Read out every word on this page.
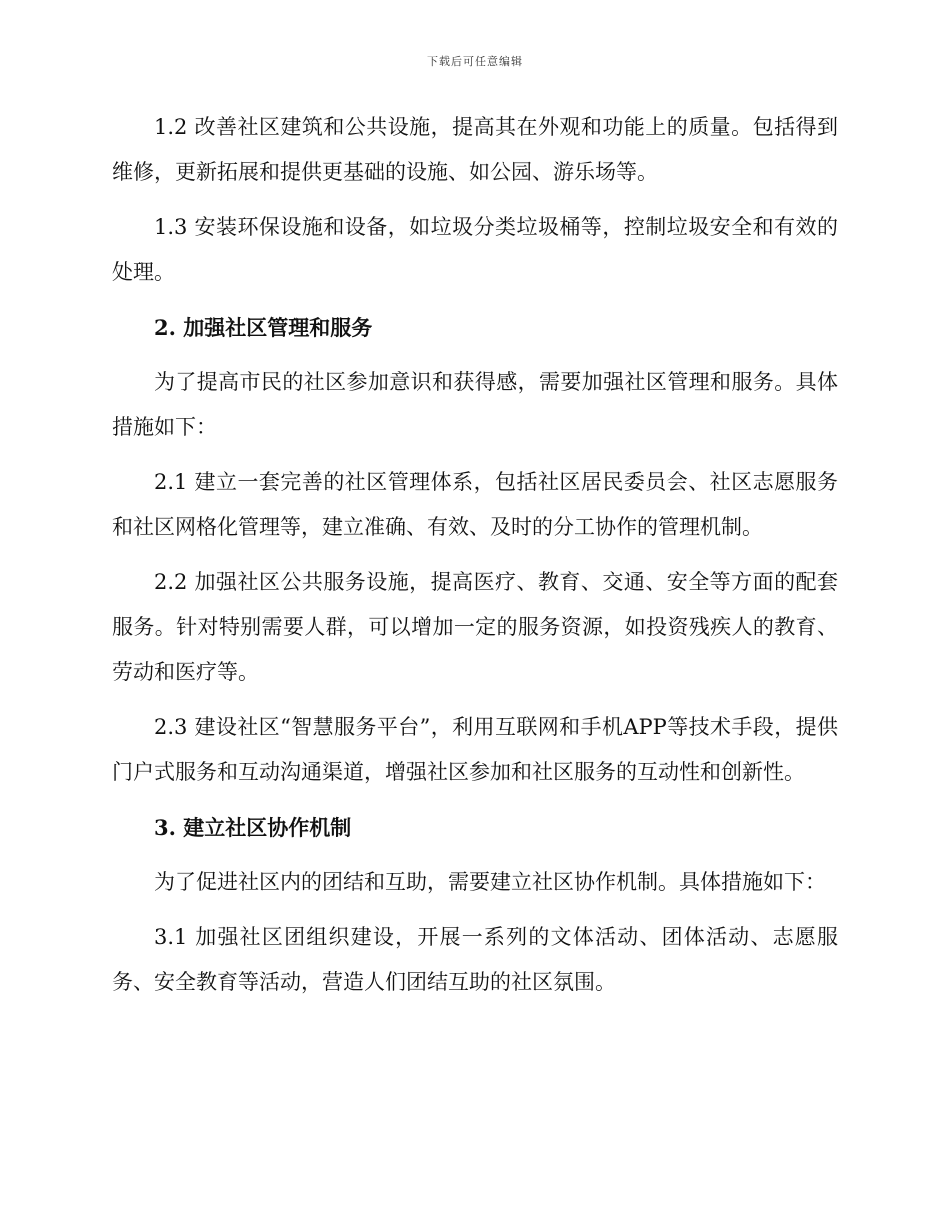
下载后可任意编辑

1.2 改善社区建筑和公共设施，提高其在外观和功能上的质量。包括得到维修，更新拓展和提供更基础的设施、如公园、游乐场等。

1.3 安装环保设施和设备，如垃圾分类垃圾桶等，控制垃圾安全和有效的处理。

2. 加强社区管理和服务

为了提高市民的社区参加意识和获得感，需要加强社区管理和服务。具体措施如下：

2.1 建立一套完善的社区管理体系，包括社区居民委员会、社区志愿服务和社区网格化管理等，建立准确、有效、及时的分工协作的管理机制。

2.2 加强社区公共服务设施，提高医疗、教育、交通、安全等方面的配套服务。针对特别需要人群，可以增加一定的服务资源，如投资残疾人的教育、劳动和医疗等。

2.3 建设社区“智慧服务平台”，利用互联网和手机APP等技术手段，提供门户式服务和互动沟通渠道，增强社区参加和社区服务的互动性和创新性。

3. 建立社区协作机制

为了促进社区内的团结和互助，需要建立社区协作机制。具体措施如下：

3.1 加强社区团组织建设，开展一系列的文体活动、团体活动、志愿服务、安全教育等活动，营造人们团结互助的社区氛围。
